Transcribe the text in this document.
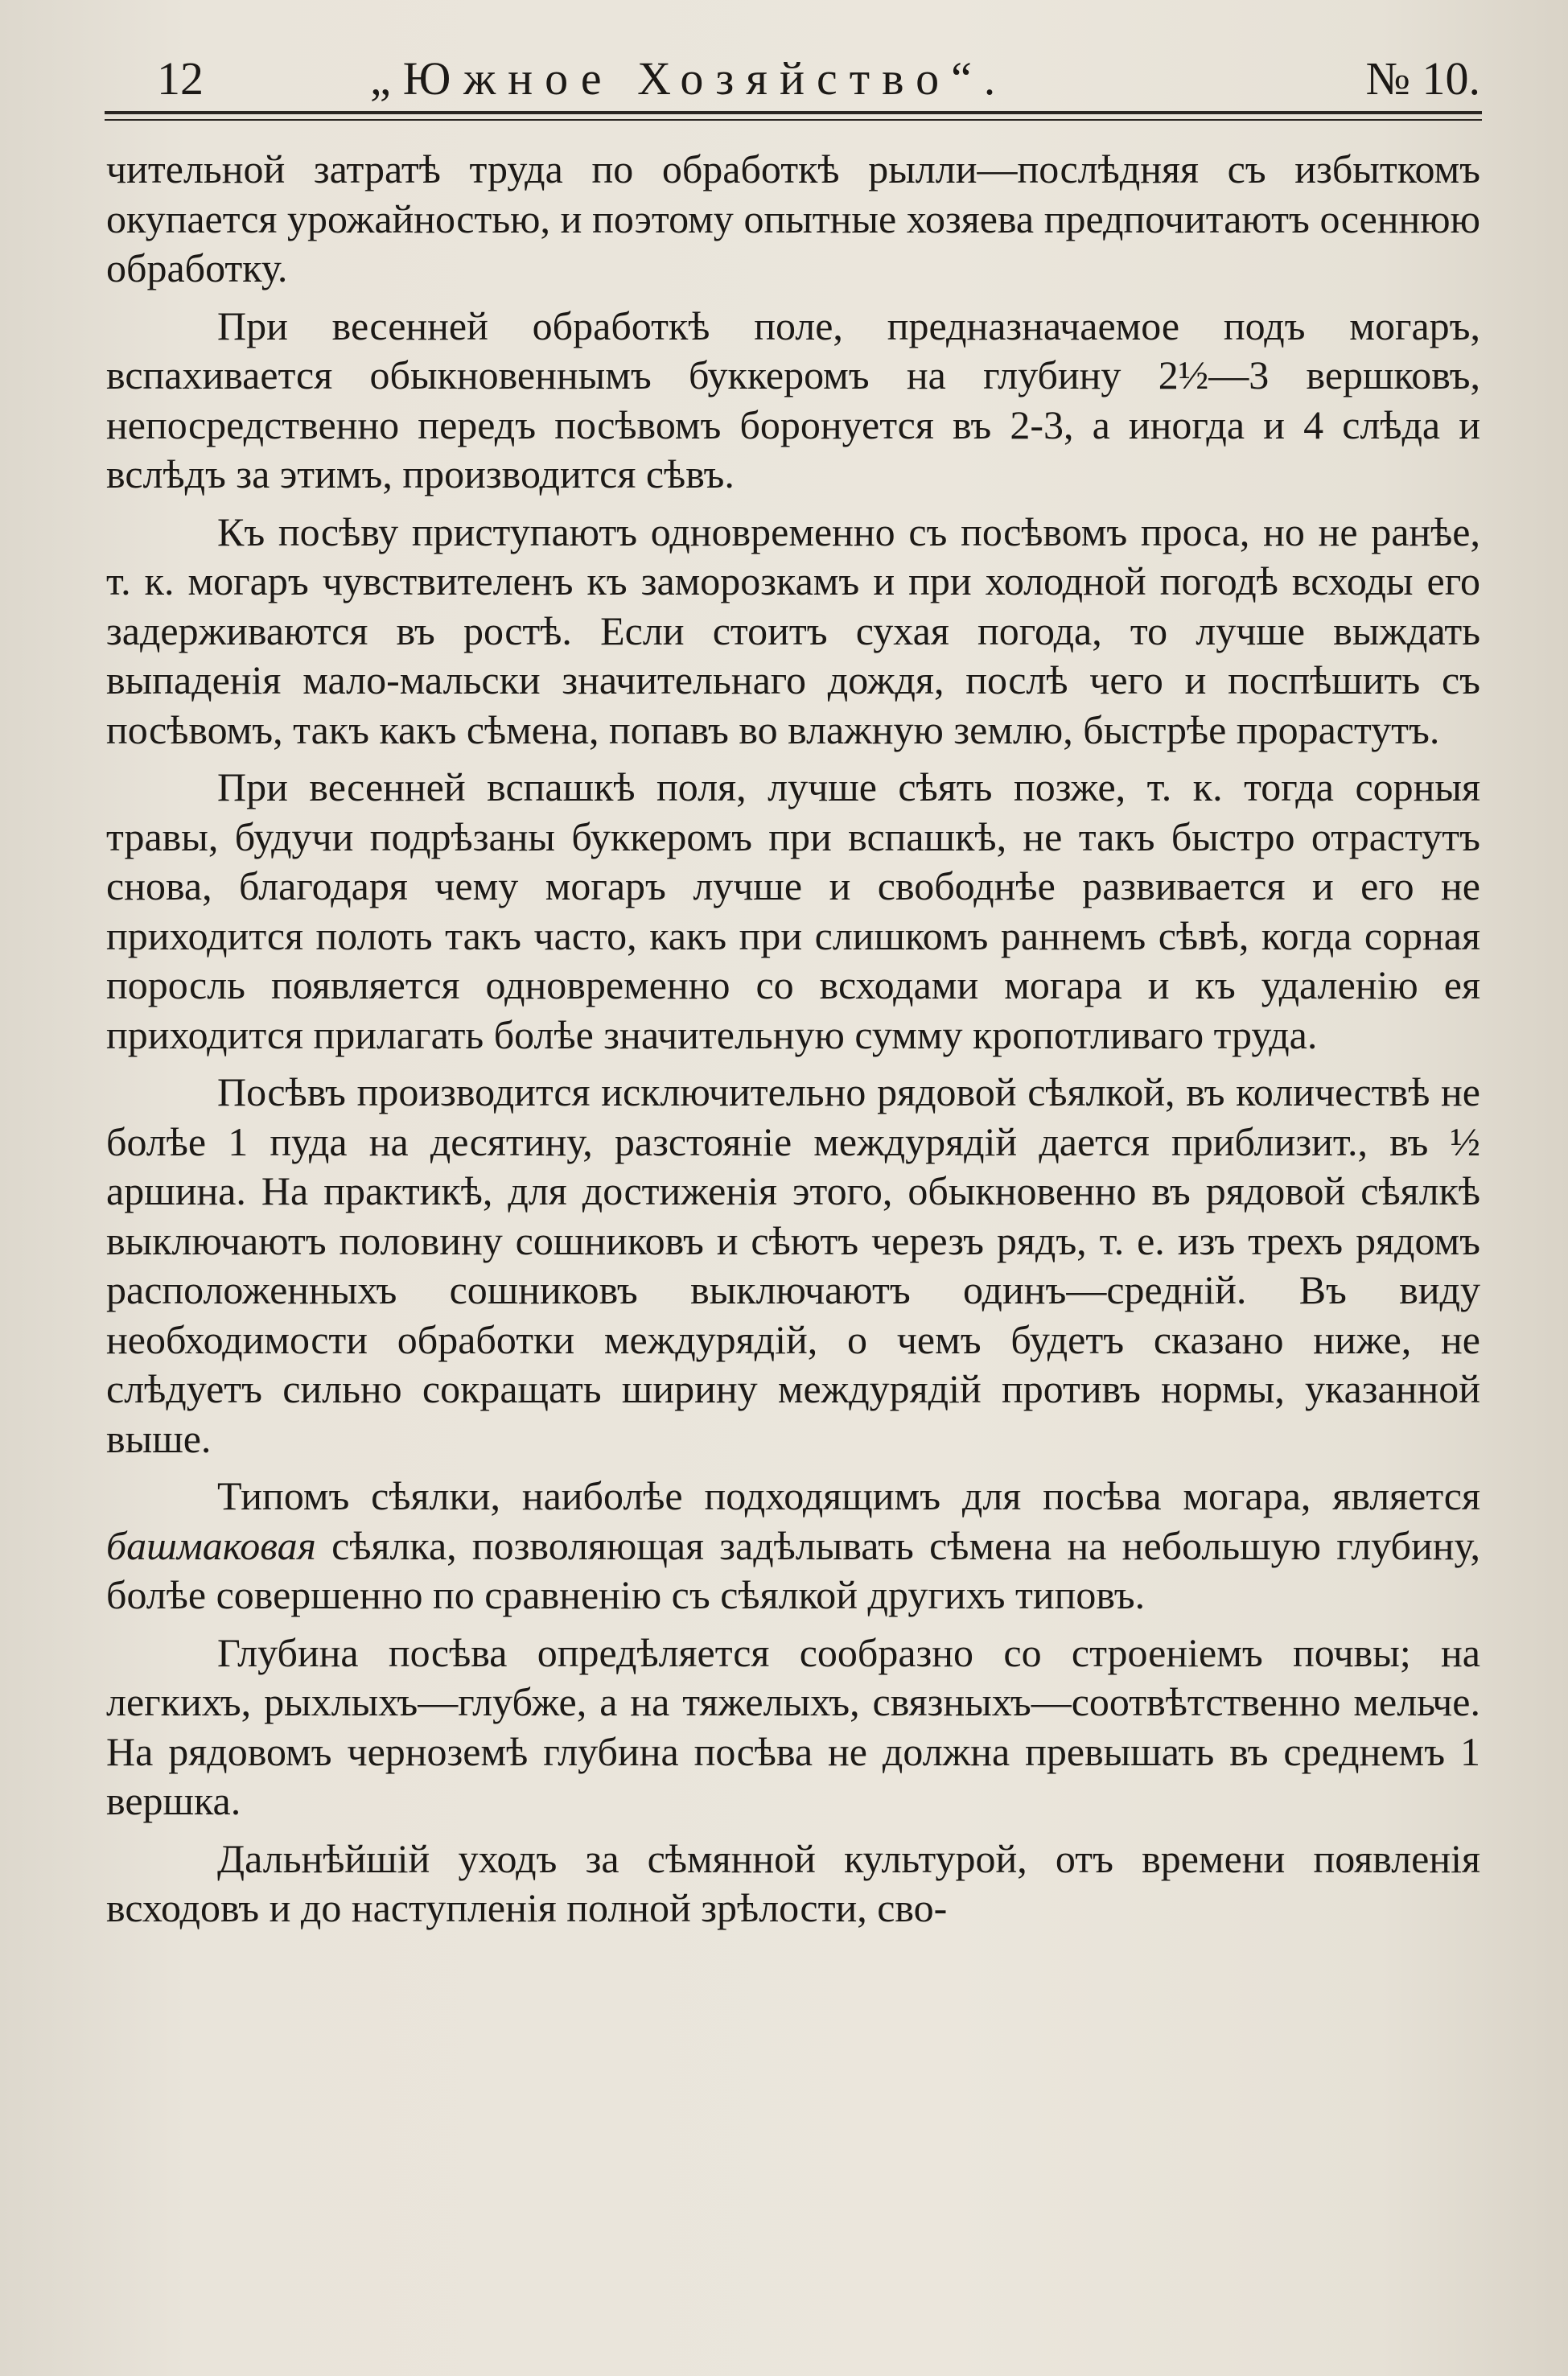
12	„Южное Хозяйство“.	№ 10.

чительной затратѣ труда по обработкѣ рылли—послѣдняя съ избыткомъ окупается урожайностью, и поэтому опытные хозяева предпочитаютъ осеннюю обработку.

При весенней обработкѣ поле, предназначаемое подъ могаръ, вспахивается обыкновеннымъ буккеромъ на глубину 2½—3 вершковъ, непосредственно передъ посѣвомъ боронуется въ 2-3, а иногда и 4 слѣда и вслѣдъ за этимъ, производится сѣвъ.

Къ посѣву приступаютъ одновременно съ посѣвомъ проса, но не ранѣе, т. к. могаръ чувствителенъ къ заморозкамъ и при холодной погодѣ всходы его задерживаются въ ростѣ. Если стоитъ сухая погода, то лучше выждать выпаденія мало-мальски значительнаго дождя, послѣ чего и поспѣшить съ посѣвомъ, такъ какъ сѣмена, попавъ во влажную землю, быстрѣе прорастутъ.

При весенней вспашкѣ поля, лучше сѣять позже, т. к. тогда сорныя травы, будучи подрѣзаны буккеромъ при вспашкѣ, не такъ быстро отрастутъ снова, благодаря чему могаръ лучше и свободнѣе развивается и его не приходится полоть такъ часто, какъ при слишкомъ раннемъ сѣвѣ, когда сорная поросль появляется одновременно со всходами могара и къ удаленію ея приходится прилагать болѣе значительную сумму кропотливаго труда.

Посѣвъ производится исключительно рядовой сѣялкой, въ количествѣ не болѣе 1 пуда на десятину, разстояніе междурядій дается приблизит., въ ½ аршина. На практикѣ, для достиженія этого, обыкновенно въ рядовой сѣялкѣ выключаютъ половину сошниковъ и сѣютъ черезъ рядъ, т. е. изъ трехъ рядомъ расположенныхъ сошниковъ выключаютъ одинъ—средній. Въ виду необходимости обработки междурядій, о чемъ будетъ сказано ниже, не слѣдуетъ сильно сокращать ширину междурядій противъ нормы, указанной выше.

Типомъ сѣялки, наиболѣе подходящимъ для посѣва могара, является башмаковая сѣялка, позволяющая задѣлывать сѣмена на небольшую глубину, болѣе совершенно по сравненію съ сѣялкой другихъ типовъ.

Глубина посѣва опредѣляется сообразно со строеніемъ почвы; на легкихъ, рыхлыхъ—глубже, а на тяжелыхъ, связныхъ—соотвѣтственно мельче. На рядовомъ черноземѣ глубина посѣва не должна превышать въ среднемъ 1 вершка.

Дальнѣйшій уходъ за сѣмянной культурой, отъ времени появленія всходовъ и до наступленія полной зрѣлости, сво-
